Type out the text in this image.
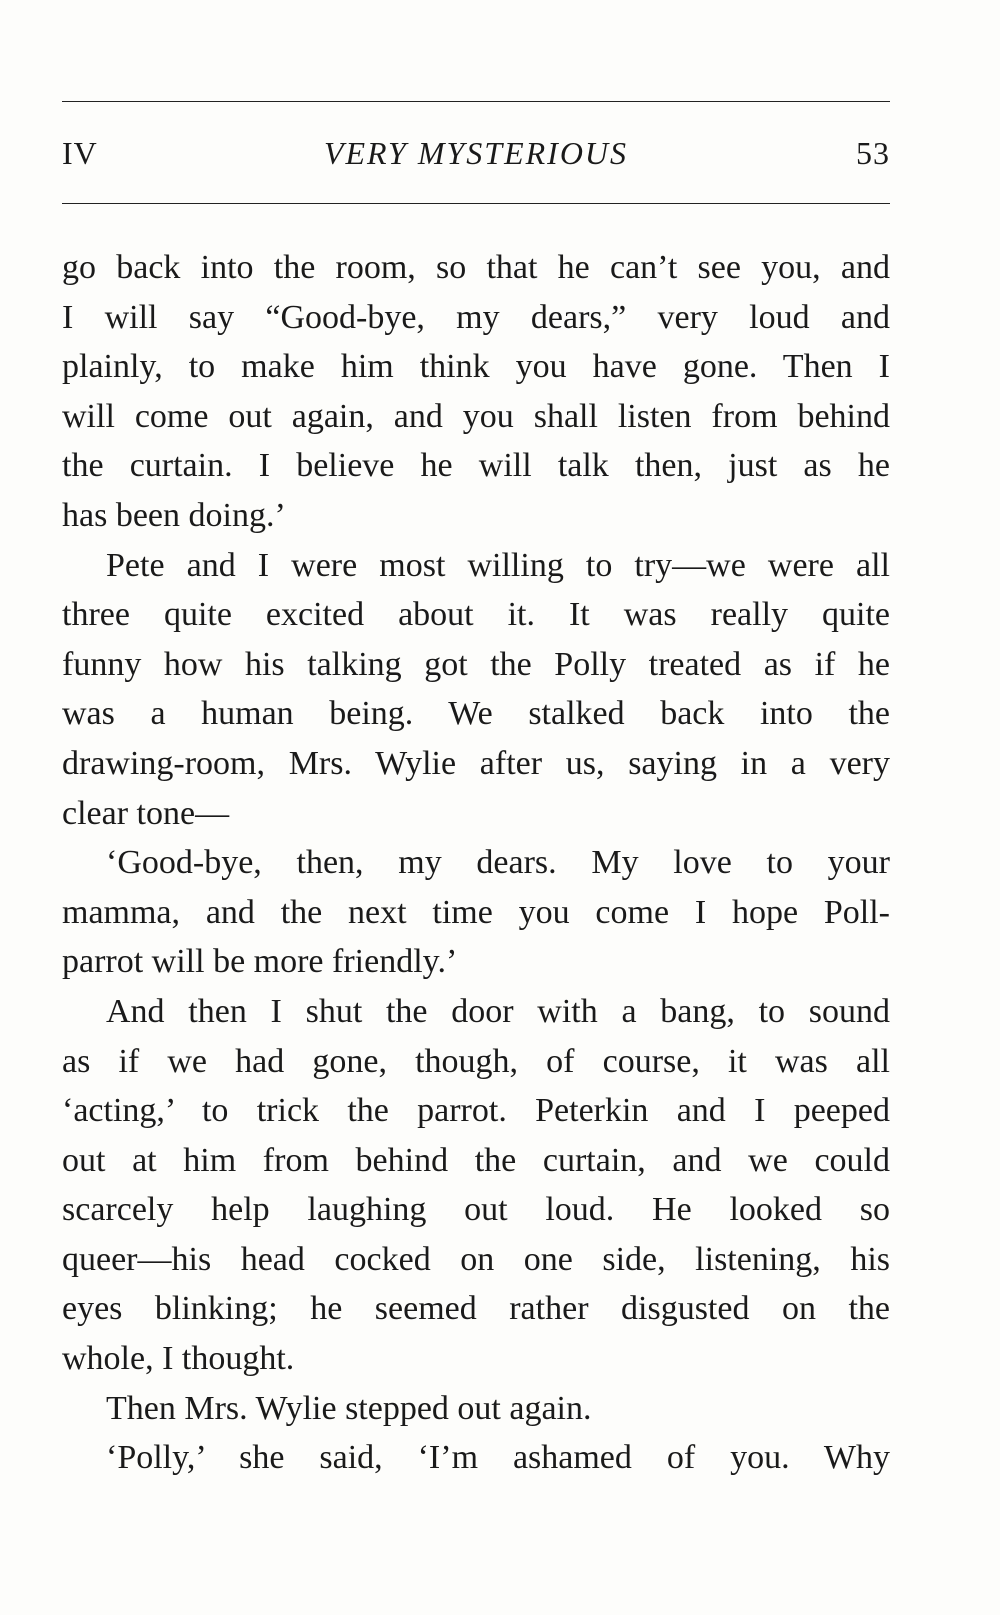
IV	VERY MYSTERIOUS	53
go back into the room, so that he can’t see you, and
I will say “Good-bye, my dears,” very loud and
plainly, to make him think you have gone. Then I
will come out again, and you shall listen from behind
the curtain. I believe he will talk then, just as he
has been doing.’
Pete and I were most willing to try—we were all
three quite excited about it. It was really quite
funny how his talking got the Polly treated as if he
was a human being. We stalked back into the
drawing-room, Mrs. Wylie after us, saying in a very
clear tone—
‘Good-bye, then, my dears. My love to your
mamma, and the next time you come I hope Poll-
parrot will be more friendly.’
And then I shut the door with a bang, to sound
as if we had gone, though, of course, it was all
‘acting,’ to trick the parrot. Peterkin and I peeped
out at him from behind the curtain, and we could
scarcely help laughing out loud. He looked so
queer—his head cocked on one side, listening, his
eyes blinking; he seemed rather disgusted on the
whole, I thought.
Then Mrs. Wylie stepped out again.
‘Polly,’ she said, ‘I’m ashamed of you. Why
